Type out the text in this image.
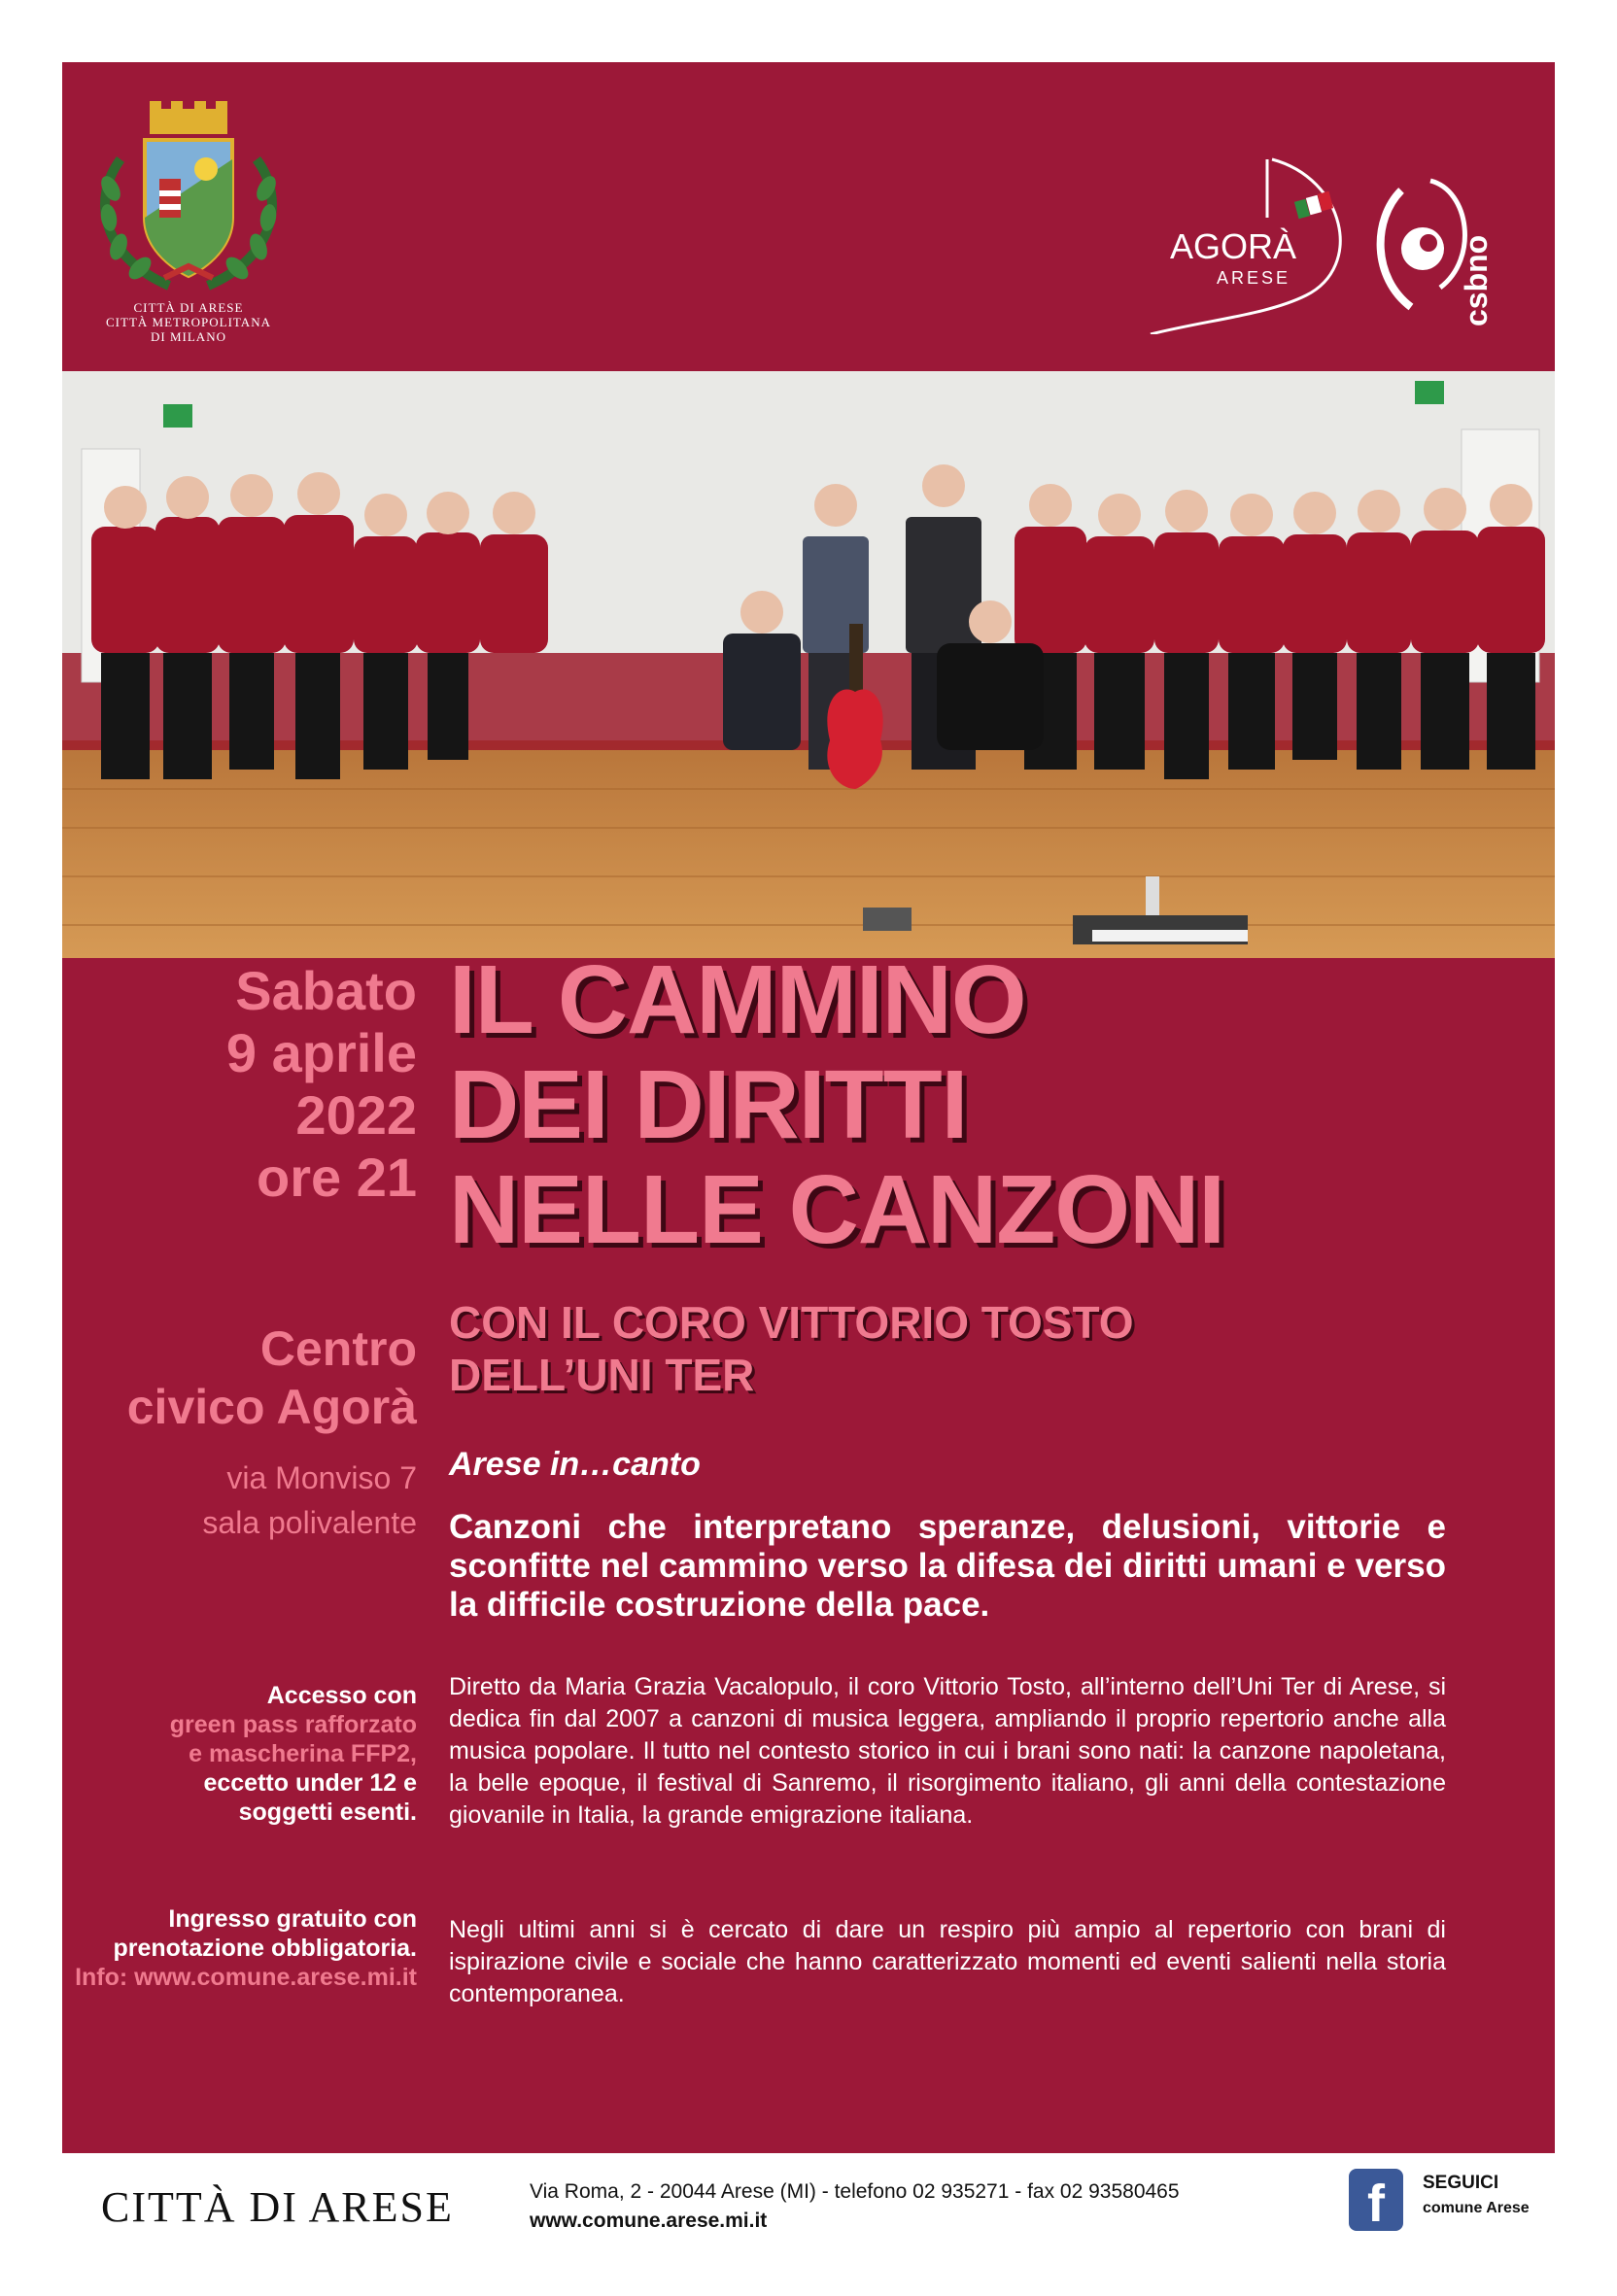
CITTÀ DI ARESE
CITTÀ METROPOLITANA
DI MILANO
AGORÀ
ARESE	csbno
Sabato
9 aprile
2022
ore 21
Centro
civico Agorà
via Monviso 7
sala polivalente
Accesso con
green pass rafforzato
e mascherina FFP2,
eccetto under 12 e
soggetti esenti.
Ingresso gratuito con
prenotazione obbligatoria.
Info: www.comune.arese.mi.it
IL CAMMINO
DEI DIRITTI
NELLE CANZONI
CON IL CORO VITTORIO TOSTO
DELL’UNI TER
Arese in…canto
Canzoni che interpretano speranze, delusioni, vittorie e sconfitte nel cammino verso la difesa dei diritti umani e verso la difficile costruzione della pace.
Diretto da Maria Grazia Vacalopulo, il coro Vittorio Tosto, all’interno dell’Uni Ter di Arese, si dedica fin dal 2007 a canzoni di musica leggera, ampliando il proprio repertorio anche alla musica popolare. Il tutto nel contesto storico in cui i brani sono nati: la canzone napoletana, la belle epoque, il festival di Sanremo, il risorgimento italiano, gli anni della contestazione giovanile in Italia, la grande emigrazione italiana.
Negli ultimi anni si è cercato di dare un respiro più ampio al repertorio con brani di ispirazione civile e sociale che hanno caratterizzato momenti ed eventi salienti nella storia contemporanea.
CITTÀ DI ARESE	Via Roma, 2 - 20044 Arese (MI) - telefono 02 935271 - fax 02 93580465
www.comune.arese.mi.it	f	SEGUICI
comune Arese
